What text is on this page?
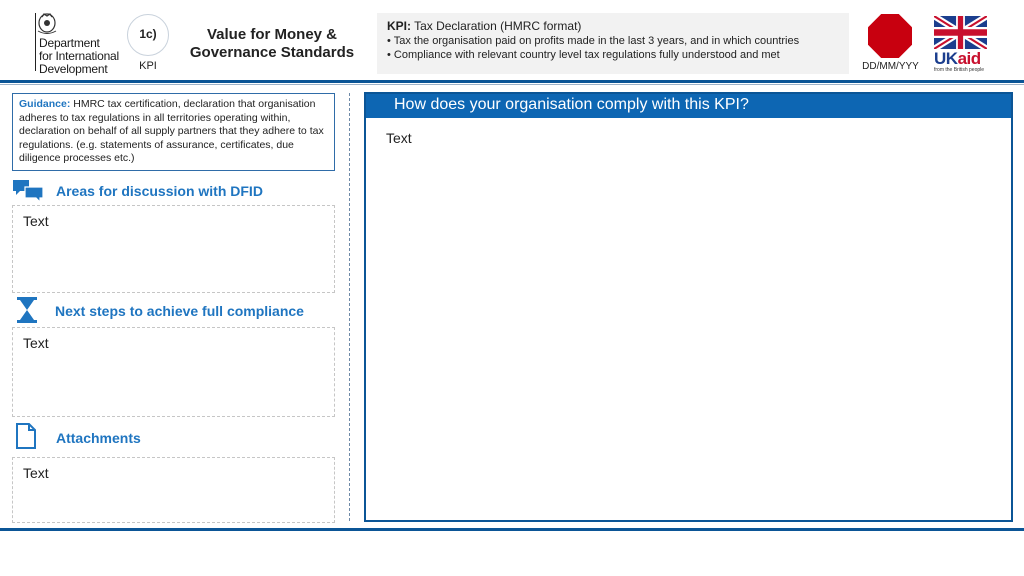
Department
for International
Development
1c)
KPI
Value for Money &
Governance Standards
KPI: Tax Declaration (HMRC format)
• Tax the organisation paid on profits made in the last 3 years, and in which countries
• Compliance with relevant country level tax regulations fully understood and met
DD/MM/YYY UKaid
from the British people
Guidance: HMRC tax certification, declaration that organisation adheres to tax regulations in all territories operating within, declaration on behalf of all supply partners that they adhere to tax regulations. (e.g. statements of assurance, certificates, due diligence processes etc.)
Areas for discussion with DFID
Text
Next steps to achieve full compliance
Text
Attachments
Text
How does your organisation comply with this KPI?
Text
